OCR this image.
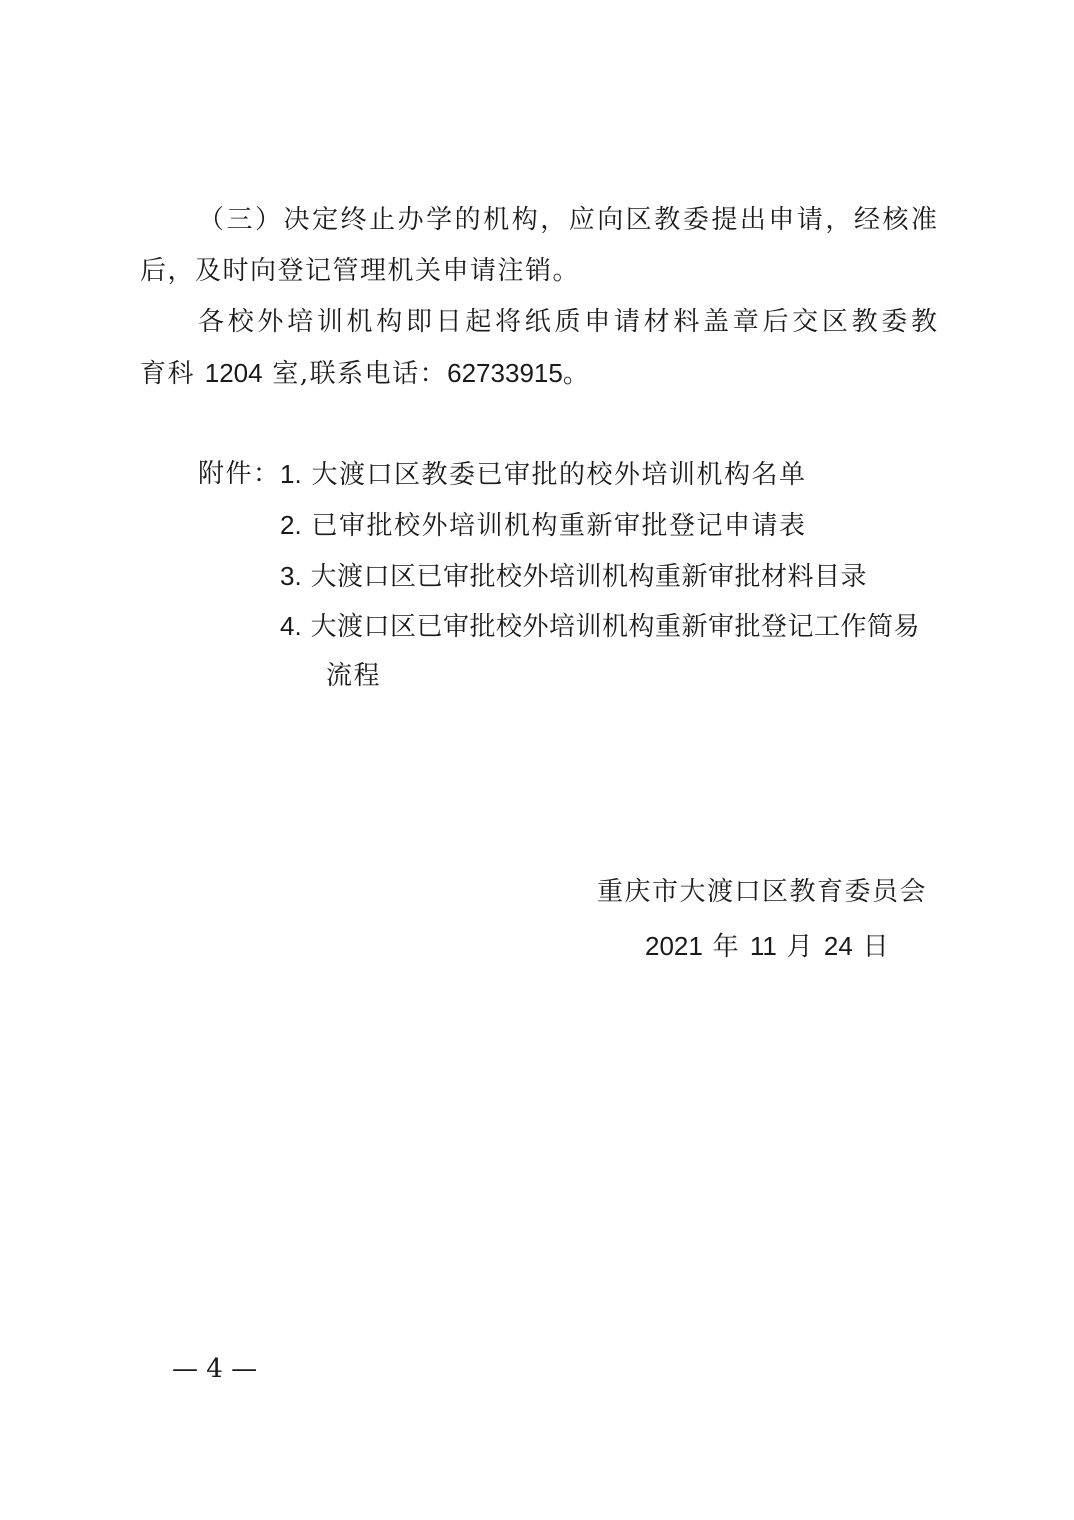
（三）决定终止办学的机构，应向区教委提出申请，经核准
后，及时向登记管理机关申请注销。
各校外培训机构即日起将纸质申请材料盖章后交区教委教
育科 1204 室,联系电话：62733915。
附件： 1. 大渡口区教委已审批的校外培训机构名单
2. 已审批校外培训机构重新审批登记申请表
3. 大渡口区已审批校外培训机构重新审批材料目录
4. 大渡口区已审批校外培训机构重新审批登记工作简易
流程
重庆市大渡口区教育委员会
2021 年 11 月 24 日
— 4 —
